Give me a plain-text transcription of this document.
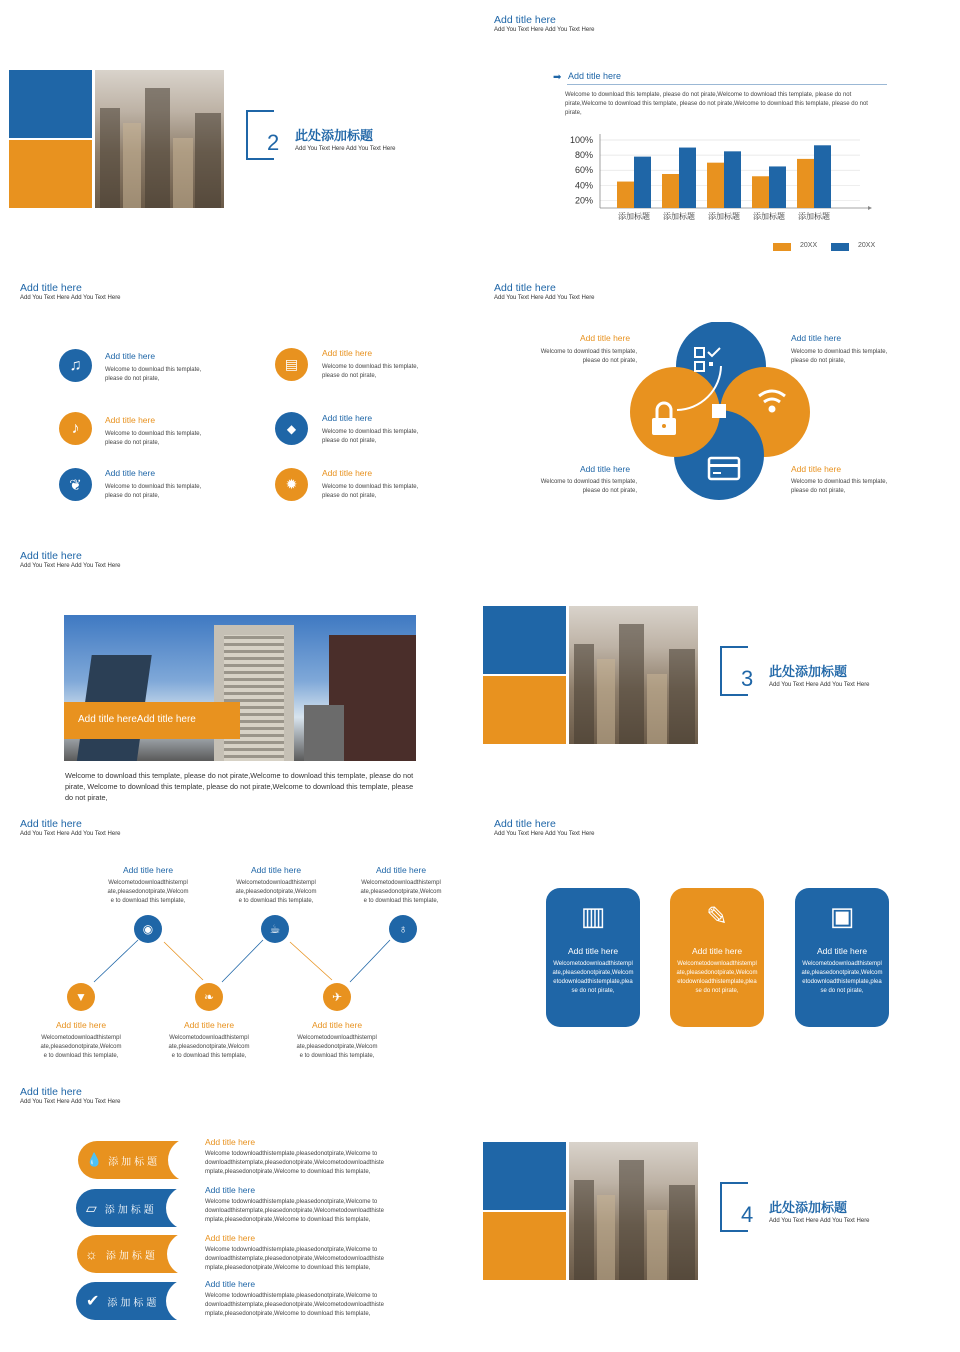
2 此处添加标题
Add You Text Here Add You Text Here
Add title here
Add You Text Here Add You Text Here
➡ Add title here
Welcome to download this template, please do not pirate,Welcome to download this template, please do not pirate,Welcome to download this template, please do not pirate,Welcome to download this template, please do not pirate,
100%
80%
60%
40%
20%
添加标题 添加标题 添加标题 添加标题 添加标题
20XX	20XX
Add title here
Add You Text Here Add You Text Here
♫
Add title here
Welcome to download this template,
please do not pirate,
♪	Add title here
Welcome to download this template,
please do not pirate,
❦
Add title here
Welcome to download this template,
please do not pirate,
▤
Add title here
Welcome to download this template,
please do not pirate,
◆
Add title here
Welcome to download this template,
please do not pirate,
✹
Add title here
Welcome to download this template,
please do not pirate,
Add title here
Add You Text Here Add You Text Here
Add title here
Welcome to download this template,
please do not pirate,
Add title here
Welcome to download this template,
please do not pirate,
Add title here
Welcome to download this template,
please do not pirate,
Add title here
Welcome to download this template,
please do not pirate,
Add title here
Add You Text Here Add You Text Here
Add title hereAdd title here
Welcome to download this template, please do not pirate,Welcome to download this template, please do not pirate, Welcome to download this template, please do not pirate,Welcome to download this template, please do not pirate,
3 此处添加标题
Add You Text Here Add You Text Here
Add title here
Add You Text Here Add You Text Here
◉	☕	♁
▼	❧	✈
Add title here
Welcometodownloadthistempl
ate,pleasedonotpirate,Welcom
e to download this template,
Add title here
Welcometodownloadthistempl
ate,pleasedonotpirate,Welcom
e to download this template,
Add title here
Welcometodownloadthistempl
ate,pleasedonotpirate,Welcom
e to download this template,
Add title here
Welcometodownloadthistempl
ate,pleasedonotpirate,Welcom
e to download this template,
Add title here
Welcometodownloadthistempl
ate,pleasedonotpirate,Welcom
e to download this template,
Add title here
Welcometodownloadthistempl
ate,pleasedonotpirate,Welcom
e to download this template,
Add title here
Add You Text Here Add You Text Here
▥
Add title here
Welcometodownloadthistempl
ate,pleasedonotpirate,Welcom
etodownloadthistemplate,plea
se do not pirate,
✎
Add title here
Welcometodownloadthistempl
ate,pleasedonotpirate,Welcom
etodownloadthistemplate,plea
se do not pirate,
▣
Add title here
Welcometodownloadthistempl
ate,pleasedonotpirate,Welcom
etodownloadthistemplate,plea
se do not pirate,
Add title here
Add You Text Here Add You Text Here
💧 添加标题
▱ 添加标题
☼ 添加标题
✔ 添加标题
Add title here
Welcome todownloadthistemplate,pleasedonotpirate,Welcome to
downloadthistemplate,pleasedonotpirate,Welcometodownloadthiste
mplate,pleasedonotpirate,Welcome to download this template,
Add title here
Welcome todownloadthistemplate,pleasedonotpirate,Welcome to
downloadthistemplate,pleasedonotpirate,Welcometodownloadthiste
mplate,pleasedonotpirate,Welcome to download this template,
Add title here
Welcome todownloadthistemplate,pleasedonotpirate,Welcome to
downloadthistemplate,pleasedonotpirate,Welcometodownloadthiste
mplate,pleasedonotpirate,Welcome to download this template,
Add title here
Welcome todownloadthistemplate,pleasedonotpirate,Welcome to
downloadthistemplate,pleasedonotpirate,Welcometodownloadthiste
mplate,pleasedonotpirate,Welcome to download this template,
4 此处添加标题
Add You Text Here Add You Text Here
